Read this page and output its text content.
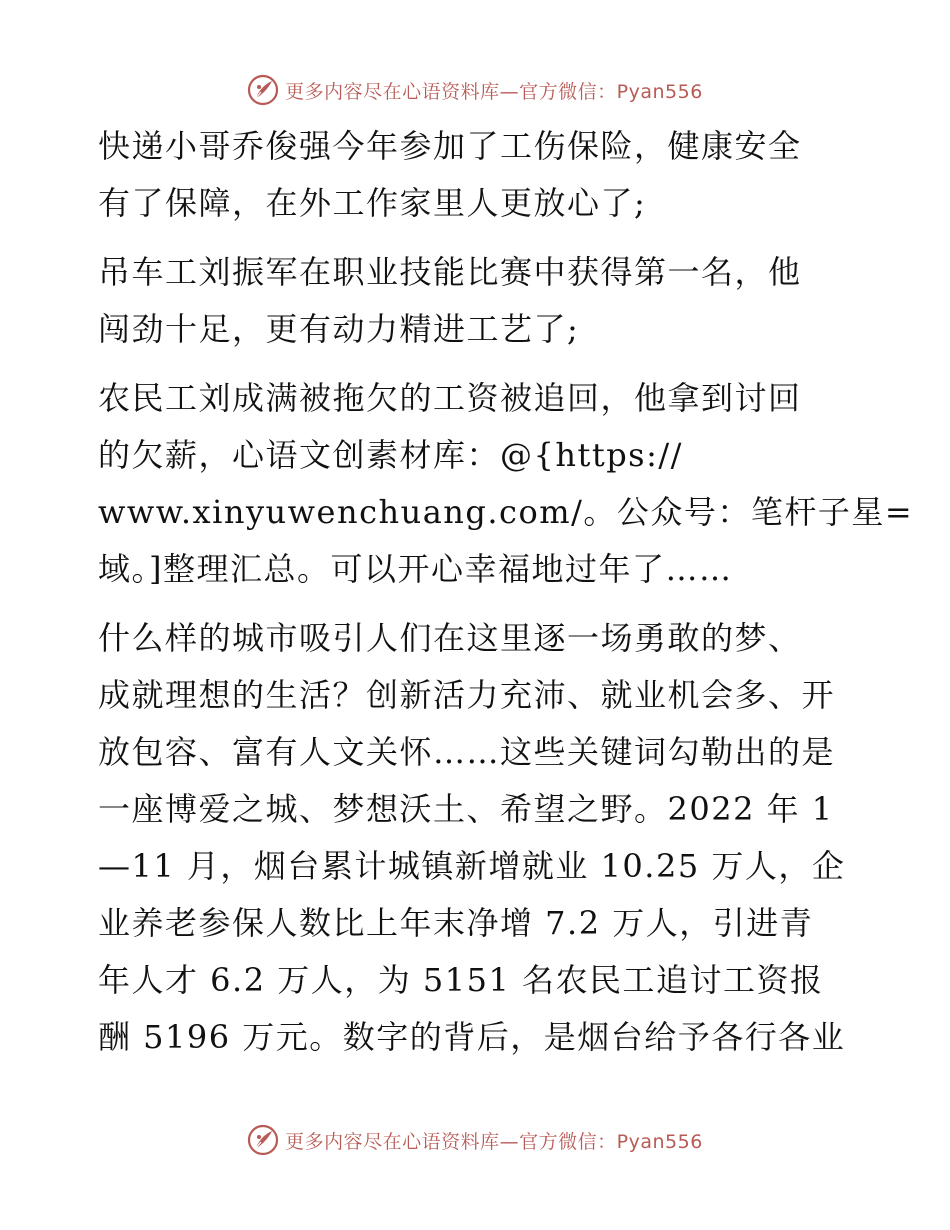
更多内容尽在心语资料库—官方微信：Pyan556

快递小哥乔俊强今年参加了工伤保险，健康安全
有了保障，在外工作家里人更放心了;

吊车工刘振军在职业技能比赛中获得第一名，他
闯劲十足，更有动力精进工艺了;

农民工刘成满被拖欠的工资被追回，他拿到讨回
的欠薪，心语文创素材库：@{https://
www.xinyuwenchuang.com/。公众号：笔杆子星=
域。]整理汇总。可以开心幸福地过年了……

什么样的城市吸引人们在这里逐一场勇敢的梦、
成就理想的生活？创新活力充沛、就业机会多、开
放包容、富有人文关怀……这些关键词勾勒出的是
一座博爱之城、梦想沃土、希望之野。2022 年 1
—11 月，烟台累计城镇新增就业 10.25 万人，企
业养老参保人数比上年末净增 7.2 万人，引进青
年人才 6.2 万人，为 5151 名农民工追讨工资报
酬 5196 万元。数字的背后，是烟台给予各行各业

更多内容尽在心语资料库—官方微信：Pyan556
